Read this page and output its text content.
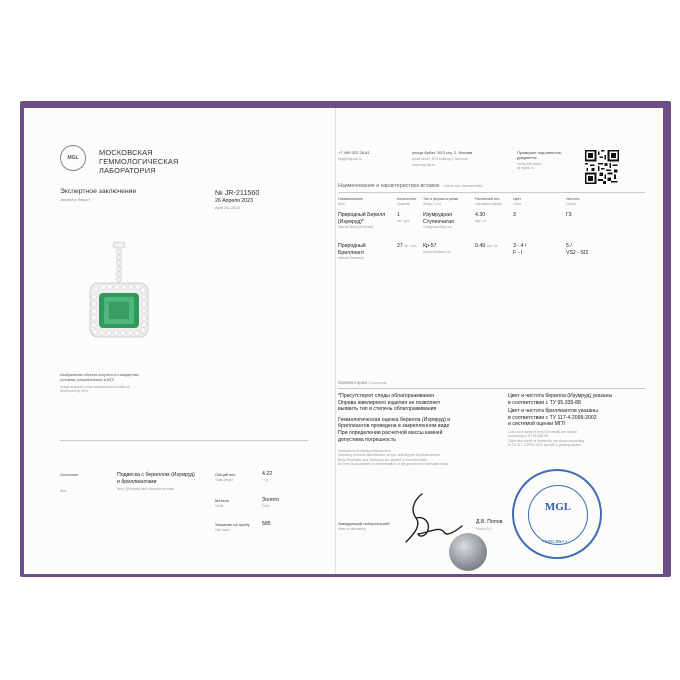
MGL
МОСКОВСКАЯ
ГЕММОЛОГИЧЕСКАЯ
ЛАБОРАТОРИЯ
Экспертное заключение
Jewellery Report
№ JR-211560
26 Апреля 2023
April 26, 2023
Изображение объекта получено в стандартных
условиях, разработанных в МГЛ
Image acquired under standardized conditions
developed by MGL
Описание
Item
Подвеска с бериллом (Изумруд)
и бриллиантами
Beryl (Emerald) and diamond pendant
Общий вес
Total weight
4.22
г / g
Металл
Metal
Золото
Gold
Указание на пробу
Hall mark
585
+7 499 322-28-81
mgl@mgl-lab.ru
улица Арбат, 30/3 стр. 2, Москва
Arbat street, 30/3 building 2, Moscow
www.mgl-lab.ru
Проверьте подлинность
документа
Verify this report
at mglab.ru
Наименование и характеристика вставок / Name and characteristics
Наименование
Item
Количество
Quantity
Тип и форма огранки
Shape / Cut
Расчетный вес
Calculated weight
Цвет
Color
Чистота
Clarity
Природный Берилл
(Изумруд)*
Natural Beryl (Emerald)
1
шт / pcs
Изумрудная
Ступенчатая
Octagonal Step cut
4.30
кар / ct
3	Г3
Природный
Бриллиант
Natural Diamond
27 шт / pcs Кр-57
Round Brilliant cut
0.49 кар / ct	3 - 4 /
F - I
5 /
VS2 - SI2
Комментарии / Comments
*Присутствуют следы облагораживания
Оправа ювелирного изделия не позволяет
выявить тип и степень облагораживания
Геммологическая оценка берилла (Изумруд) и
бриллиантов проведена в закрепленном виде
При определении расчетной массы камней
допустима погрешность
*Indications of clarity enhancement
Mounting prevents identification of type and degree of enhancement
Beryl (Emerald) and diamonds are graded in mounted state
An error is acceptable in determination of the gemstone's estimated mass
Цвет и чистота берилла (Изумруд) указаны
в соответствии с ТУ 95.335-88
Цвет и чистота бриллиантов указаны
в соответствии с ТУ 117-4.2099-2002
и системой оценки МГЛ
Color and clarity of beryl (Emerald) are shown
according to TU 95.335-88
Color and clarity of diamonds are shown according
to TU 117-4.2099-2002 and MGL grading system
Заведующий лабораторией
Head of laboratory
Д.В. Попов
Popov D.V.
MGL
• МОСКВА •
